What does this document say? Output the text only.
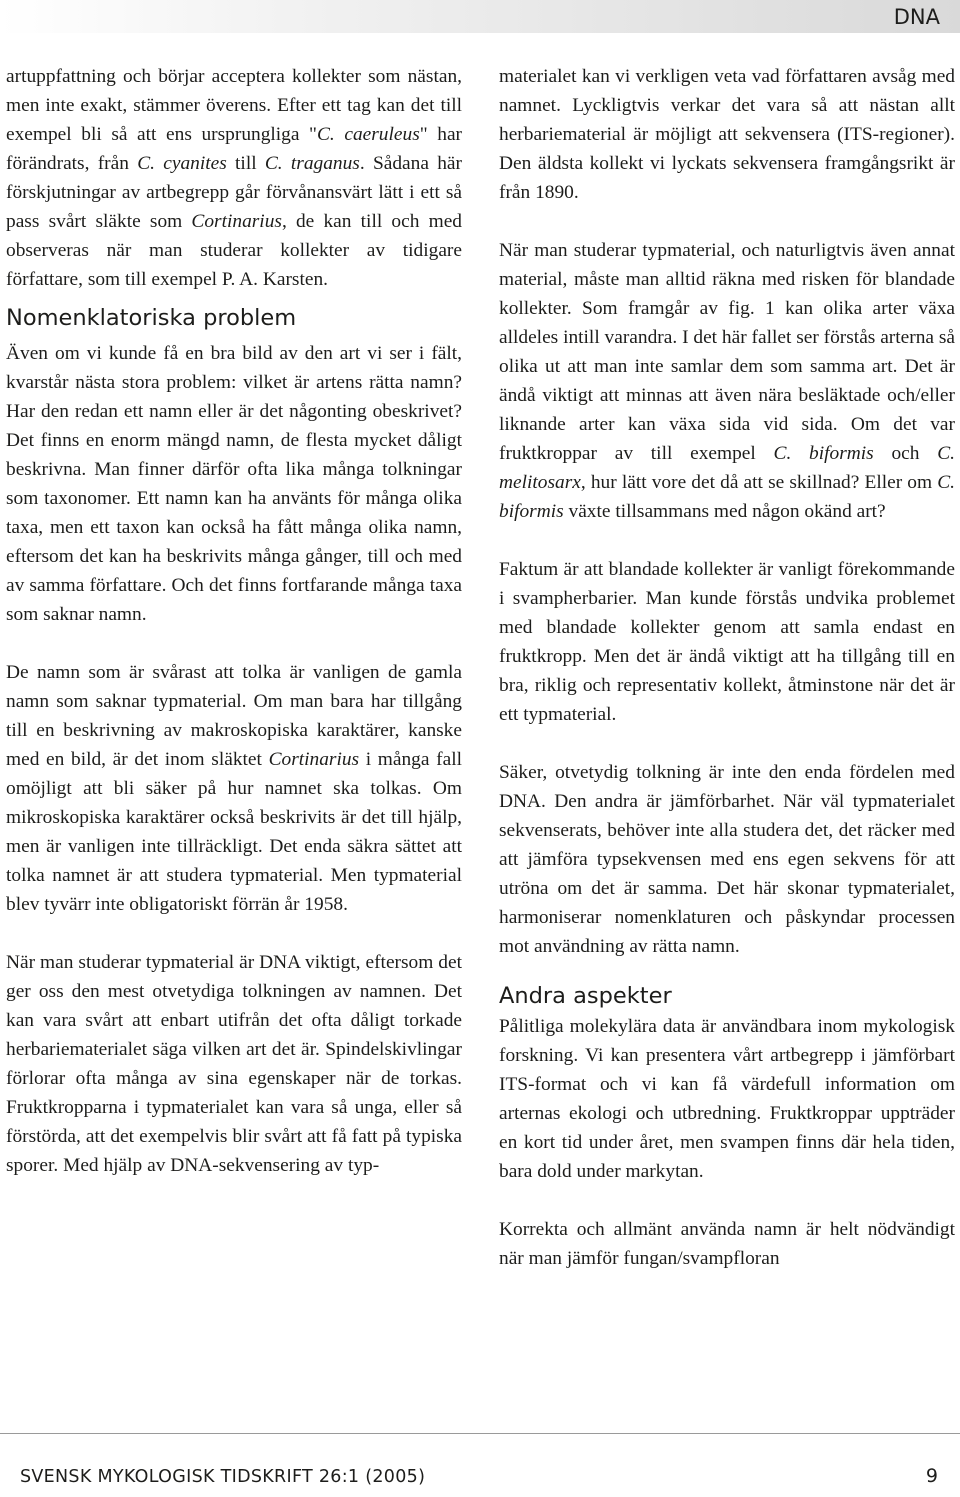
DNA

artuppfattning och börjar acceptera kollekter som nästan, men inte exakt, stämmer överens. Efter ett tag kan det till exempel bli så att ens ursprungliga "C. caeruleus" har förändrats, från C. cyanites till C. traganus. Sådana här förskjutningar av artbegrepp går förvånansvärt lätt i ett så pass svårt släkte som Cortinarius, de kan till och med observeras när man studerar kollekter av tidigare författare, som till exempel P. A. Karsten.

Nomenklatoriska problem

Även om vi kunde få en bra bild av den art vi ser i fält, kvarstår nästa stora problem: vilket är artens rätta namn? Har den redan ett namn eller är det någonting obeskrivet? Det finns en enorm mängd namn, de flesta mycket dåligt beskrivna. Man finner därför ofta lika många tolkningar som taxonomer. Ett namn kan ha använts för många olika taxa, men ett taxon kan också ha fått många olika namn, eftersom det kan ha beskrivits många gånger, till och med av samma författare. Och det finns fortfarande många taxa som saknar namn.

De namn som är svårast att tolka är vanligen de gamla namn som saknar typmaterial. Om man bara har tillgång till en beskrivning av makroskopiska karaktärer, kanske med en bild, är det inom släktet Cortinarius i många fall omöjligt att bli säker på hur namnet ska tolkas. Om mikroskopiska karaktärer också beskrivits är det till hjälp, men är vanligen inte tillräckligt. Det enda säkra sättet att tolka namnet är att studera typmaterial. Men typmaterial blev tyvärr inte obligatoriskt förrän år 1958.

När man studerar typmaterial är DNA viktigt, eftersom det ger oss den mest otvetydiga tolkningen av namnen. Det kan vara svårt att enbart utifrån det ofta dåligt torkade herbariematerialet säga vilken art det är. Spindelskivlingar förlorar ofta många av sina egenskaper när de torkas. Fruktkropparna i typmaterialet kan vara så unga, eller så förstörda, att det exempelvis blir svårt att få fatt på typiska sporer. Med hjälp av DNA-sekvensering av typ-

materialet kan vi verkligen veta vad författaren avsåg med namnet. Lyckligtvis verkar det vara så att nästan allt herbariematerial är möjligt att sekvensera (ITS-regioner). Den äldsta kollekt vi lyckats sekvensera framgångsrikt är från 1890.

När man studerar typmaterial, och naturligtvis även annat material, måste man alltid räkna med risken för blandade kollekter. Som framgår av fig. 1 kan olika arter växa alldeles intill varandra. I det här fallet ser förstås arterna så olika ut att man inte samlar dem som samma art. Det är ändå viktigt att minnas att även nära besläktade och/eller liknande arter kan växa sida vid sida. Om det var fruktkroppar av till exempel C. biformis och C. melitosarx, hur lätt vore det då att se skillnad? Eller om C. biformis växte tillsammans med någon okänd art?

Faktum är att blandade kollekter är vanligt förekommande i svampherbarier. Man kunde förstås undvika problemet med blandade kollekter genom att samla endast en fruktkropp. Men det är ändå viktigt att ha tillgång till en bra, riklig och representativ kollekt, åtminstone när det är ett typmaterial.

Säker, otvetydig tolkning är inte den enda fördelen med DNA. Den andra är jämförbarhet. När väl typmaterialet sekvenserats, behöver inte alla studera det, det räcker med att jämföra typsekvensen med ens egen sekvens för att utröna om det är samma. Det här skonar typmaterialet, harmoniserar nomenklaturen och påskyndar processen mot användning av rätta namn.

Andra aspekter

Pålitliga molekylära data är användbara inom mykologisk forskning. Vi kan presentera vårt artbegrepp i jämförbart ITS-format och vi kan få värdefull information om arternas ekologi och utbredning. Fruktkroppar uppträder en kort tid under året, men svampen finns där hela tiden, bara dold under markytan.

Korrekta och allmänt använda namn är helt nödvändigt när man jämför fungan/svampfloran

SVENSK MYKOLOGISK TIDSKRIFT 26:1 (2005)	9
